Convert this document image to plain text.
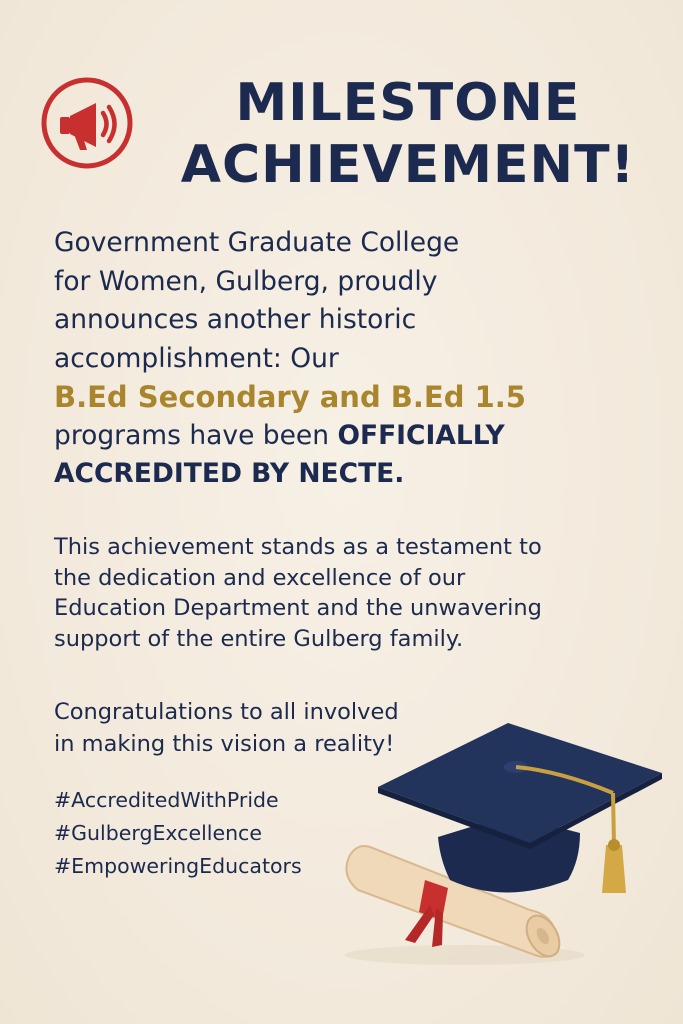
MILESTONE
ACHIEVEMENT!
Government Graduate College
for Women, Gulberg, proudly
announces another historic
accomplishment: Our
B.Ed Secondary and B.Ed 1.5
programs have been OFFICIALLY
ACCREDITED BY NECTE.
This achievement stands as a testament to
the dedication and excellence of our
Education Department and the unwavering
support of the entire Gulberg family.
Congratulations to all involved
in making this vision a reality!
#AccreditedWithPride
#GulbergExcellence
#EmpoweringEducators
